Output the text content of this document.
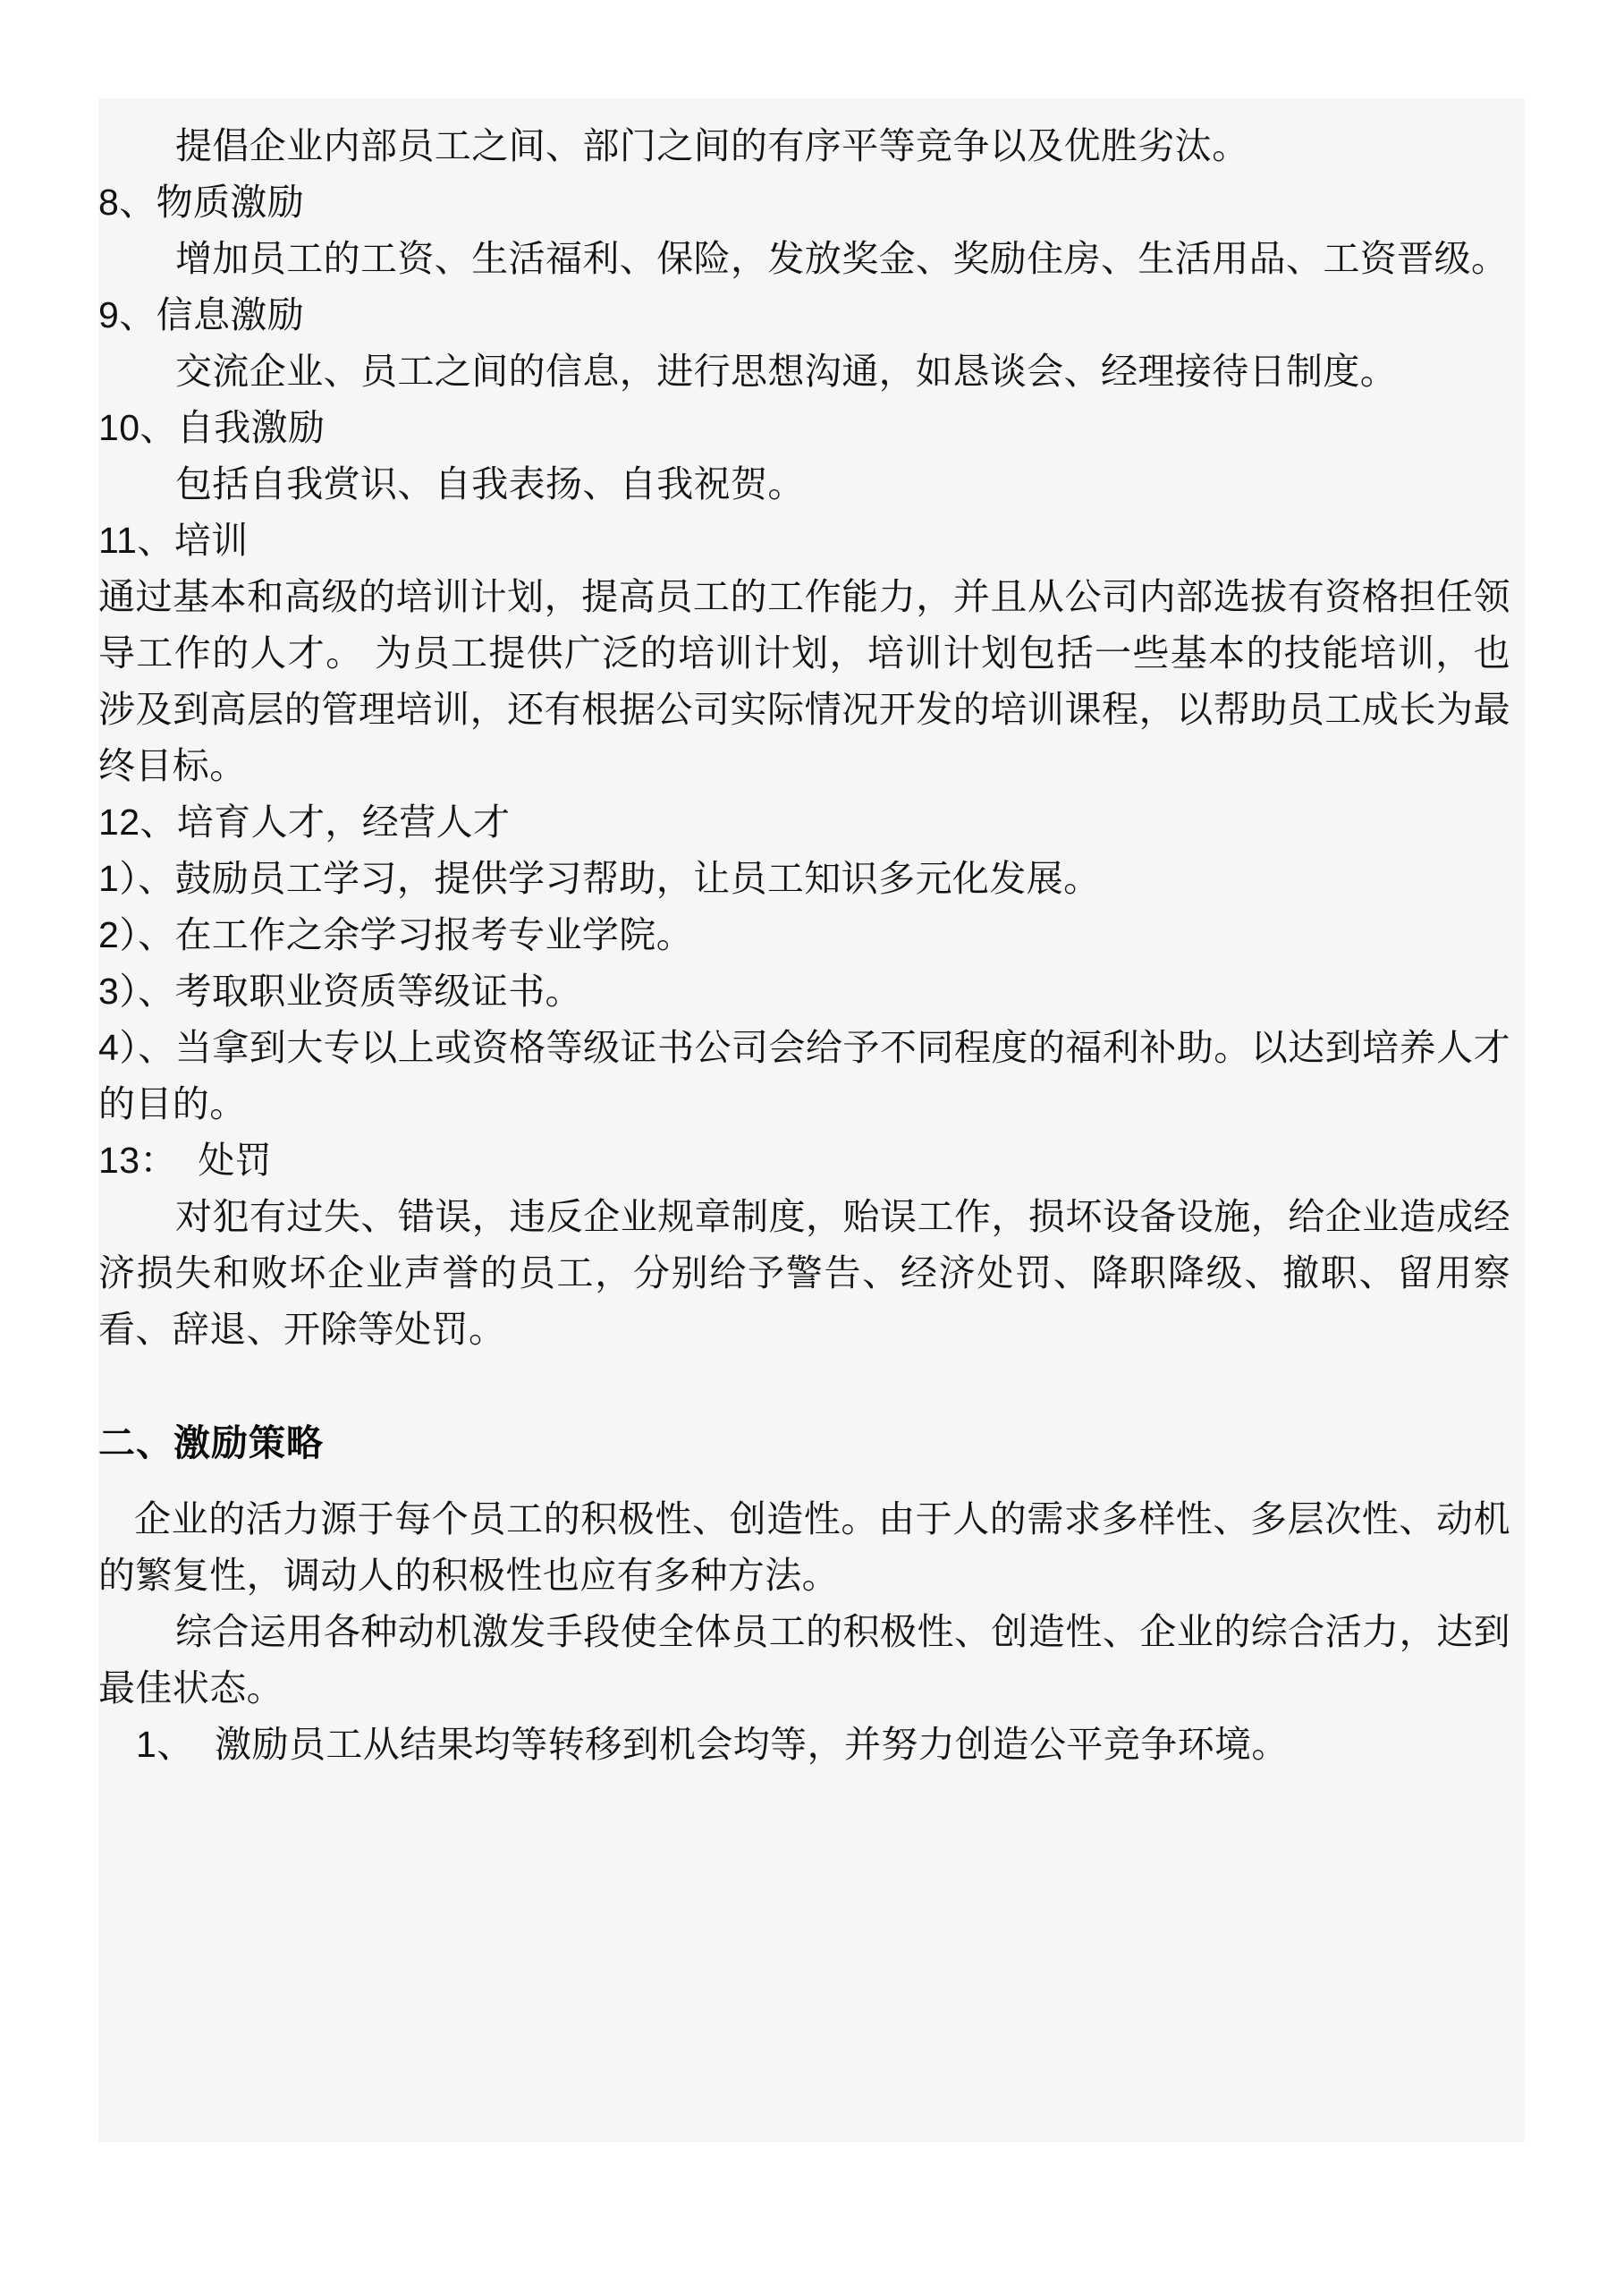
提倡企业内部员工之间、部门之间的有序平等竞争以及优胜劣汰。

8、物质激励

增加员工的工资、生活福利、保险，发放奖金、奖励住房、生活用品、工资晋级。

9、信息激励

交流企业、员工之间的信息，进行思想沟通，如恳谈会、经理接待日制度。

10、自我激励

包括自我赏识、自我表扬、自我祝贺。

11、培训

通过基本和高级的培训计划，提高员工的工作能力，并且从公司内部选拔有资格担任领导工作的人才。 为员工提供广泛的培训计划，培训计划包括一些基本的技能培训，也涉及到高层的管理培训，还有根据公司实际情况开发的培训课程，以帮助员工成长为最终目标。

12、培育人才，经营人才

1）、鼓励员工学习，提供学习帮助，让员工知识多元化发展。

2）、在工作之余学习报考专业学院。

3）、考取职业资质等级证书。

4）、当拿到大专以上或资格等级证书公司会给予不同程度的福利补助。以达到培养人才的目的。

13：  处罚

对犯有过失、错误，违反企业规章制度，贻误工作，损坏设备设施，给企业造成经济损失和败坏企业声誉的员工，分别给予警告、经济处罚、降职降级、撤职、留用察看、辞退、开除等处罚。

二、激励策略

企业的活力源于每个员工的积极性、创造性。由于人的需求多样性、多层次性、动机的繁复性，调动人的积极性也应有多种方法。

综合运用各种动机激发手段使全体员工的积极性、创造性、企业的综合活力，达到最佳状态。

1、  激励员工从结果均等转移到机会均等，并努力创造公平竞争环境。
